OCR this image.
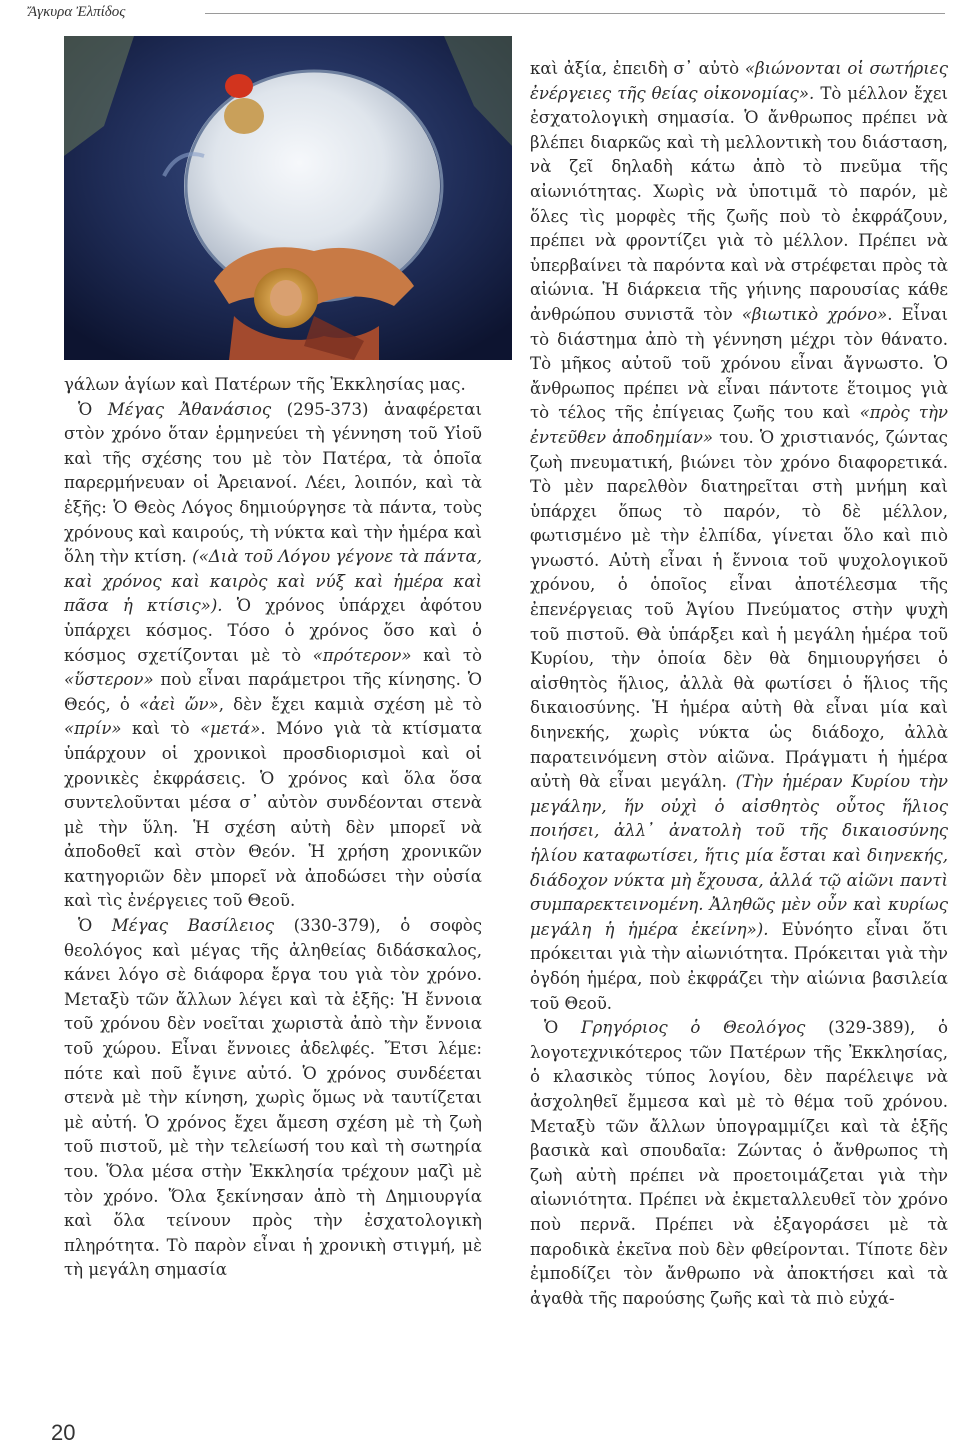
Ἄγκυρα Ἐλπίδος

γάλων ἁγίων καὶ Πατέρων τῆς Ἐκκλησίας μας.

Ὁ Μέγας Ἀθανάσιος (295-373) ἀναφέρεται στὸν χρόνο ὅταν ἑρμηνεύει τὴ γέννηση τοῦ Υἱοῦ καὶ τῆς σχέσης του μὲ τὸν Πατέρα, τὰ ὁποῖα παρερμήνευαν οἱ Ἀρειανοί. Λέει, λοιπόν, καὶ τὰ ἑξῆς: Ὁ Θεὸς Λόγος δημιούργησε τὰ πάντα, τοὺς χρόνους καὶ καιρούς, τὴ νύκτα καὶ τὴν ἡμέρα καὶ ὅλη τὴν κτίση. («Διὰ τοῦ Λόγου γέγονε τὰ πάντα, καὶ χρόνος καὶ καιρὸς καὶ νύξ καὶ ἡμέρα καὶ πᾶσα ἡ κτίσις»). Ὁ χρόνος ὑπάρχει ἀφότου ὑπάρχει κόσμος. Τόσο ὁ χρόνος ὅσο καὶ ὁ κόσμος σχετίζονται μὲ τὸ «πρότερον» καὶ τὸ «ὕστερον» ποὺ εἶναι παράμετροι τῆς κίνησης. Ὁ Θεός, ὁ «ἀεὶ ὤν», δὲν ἔχει καμιὰ σχέση μὲ τὸ «πρίν» καὶ τὸ «μετά». Μόνο γιὰ τὰ κτίσματα ὑπάρχουν οἱ χρονικοὶ προσδιορισμοὶ καὶ οἱ χρονικὲς ἐκφράσεις. Ὁ χρόνος καὶ ὅλα ὅσα συντελοῦνται μέσα σ᾽ αὐτὸν συνδέονται στενὰ μὲ τὴν ὕλη. Ἡ σχέση αὐτὴ δὲν μπορεῖ νὰ ἀποδοθεῖ καὶ στὸν Θεόν. Ἡ χρήση χρονικῶν κατηγοριῶν δὲν μπορεῖ νὰ ἀποδώσει τὴν οὐσία καὶ τὶς ἐνέργειες τοῦ Θεοῦ.

Ὁ Μέγας Βασίλειος (330-379), ὁ σοφὸς θεολόγος καὶ μέγας τῆς ἀληθείας διδάσκαλος, κάνει λόγο σὲ διάφορα ἔργα του γιὰ τὸν χρόνο. Μεταξὺ τῶν ἄλλων λέγει καὶ τὰ ἑξῆς: Ἡ ἔννοια τοῦ χρόνου δὲν νοεῖται χωριστὰ ἀπὸ τὴν ἔννοια τοῦ χώρου. Εἶναι ἔννοιες ἀδελφές. Ἔτσι λέμε: πότε καὶ ποῦ ἔγινε αὐτό. Ὁ χρόνος συνδέεται στενὰ μὲ τὴν κίνηση, χωρὶς ὅμως νὰ ταυτίζεται μὲ αὐτή. Ὁ χρόνος ἔχει ἄμεση σχέση μὲ τὴ ζωὴ τοῦ πιστοῦ, μὲ τὴν τελείωσή του καὶ τὴ σωτηρία του. Ὅλα μέσα στὴν Ἐκκλησία τρέχουν μαζὶ μὲ τὸν χρόνο. Ὅλα ξεκίνησαν ἀπὸ τὴ Δημιουργία καὶ ὅλα τείνουν πρὸς τὴν ἐσχατολογικὴ πληρότητα. Τὸ παρὸν εἶναι ἡ χρονικὴ στιγμή, μὲ τὴ μεγάλη σημασία

καὶ ἀξία, ἐπειδὴ σ᾽ αὐτὸ «βιώνονται οἱ σωτήριες ἐνέργειες τῆς θείας οἰκονομίας». Τὸ μέλλον ἔχει ἐσχατολογικὴ σημασία. Ὁ ἄνθρωπος πρέπει νὰ βλέπει διαρκῶς καὶ τὴ μελλοντικὴ του διάσταση, νὰ ζεῖ δηλαδὴ κάτω ἀπὸ τὸ πνεῦμα τῆς αἰωνιότητας. Χωρὶς νὰ ὑποτιμᾶ τὸ παρόν, μὲ ὅλες τὶς μορφὲς τῆς ζωῆς ποὺ τὸ ἐκφράζουν, πρέπει νὰ φροντίζει γιὰ τὸ μέλλον. Πρέπει νὰ ὑπερβαίνει τὰ παρόντα καὶ νὰ στρέφεται πρὸς τὰ αἰώνια. Ἡ διάρκεια τῆς γήινης παρουσίας κάθε ἀνθρώπου συνιστᾶ τὸν «βιωτικὸ χρόνο». Εἶναι τὸ διάστημα ἀπὸ τὴ γέννηση μέχρι τὸν θάνατο. Τὸ μῆκος αὐτοῦ τοῦ χρόνου εἶναι ἄγνωστο. Ὁ ἄνθρωπος πρέπει νὰ εἶναι πάντοτε ἕτοιμος γιὰ τὸ τέλος τῆς ἐπίγειας ζωῆς του καὶ «πρὸς τὴν ἐντεῦθεν ἀποδημίαν» του. Ὁ χριστιανός, ζώντας ζωὴ πνευματική, βιώνει τὸν χρόνο διαφορετικά. Τὸ μὲν παρελθὸν διατηρεῖται στὴ μνήμη καὶ ὑπάρχει ὅπως τὸ παρόν, τὸ δὲ μέλλον, φωτισμένο μὲ τὴν ἐλπίδα, γίνεται ὅλο καὶ πιὸ γνωστό. Αὐτὴ εἶναι ἡ ἔννοια τοῦ ψυχολογικοῦ χρόνου, ὁ ὁποῖος εἶναι ἀποτέλεσμα τῆς ἐπενέργειας τοῦ Ἁγίου Πνεύματος στὴν ψυχὴ τοῦ πιστοῦ. Θὰ ὑπάρξει καὶ ἡ μεγάλη ἡμέρα τοῦ Κυρίου, τὴν ὁποία δὲν θὰ δημιουργήσει ὁ αἰσθητὸς ἥλιος, ἀλλὰ θὰ φωτίσει ὁ ἥλιος τῆς δικαιοσύνης. Ἡ ἡμέρα αὐτὴ θὰ εἶναι μία καὶ διηνεκής, χωρὶς νύκτα ὡς διάδοχο, ἀλλὰ παρατεινόμενη στὸν αἰῶνα. Πράγματι ἡ ἡμέρα αὐτὴ θὰ εἶναι μεγάλη. (Τὴν ἡμέραν Κυρίου τὴν μεγάλην, ἥν οὐχὶ ὁ αἰσθητὸς οὗτος ἥλιος ποιήσει, ἀλλ᾽ ἀνατολὴ τοῦ τῆς δικαιοσύνης ἡλίου καταφωτίσει, ἥτις μία ἔσται καὶ διηνεκής, διάδοχον νύκτα μὴ ἔχουσα, ἀλλά τῷ αἰῶνι παντὶ συμπαρεκτεινομένη. Ἀληθῶς μὲν οὖν καὶ κυρίως μεγάλη ἡ ἡμέρα ἐκείνη»). Εὐνόητο εἶναι ὅτι πρόκειται γιὰ τὴν αἰωνιότητα. Πρόκειται γιὰ τὴν ὀγδόη ἡμέρα, ποὺ ἐκφράζει τὴν αἰώνια βασιλεία τοῦ Θεοῦ.

Ὁ Γρηγόριος ὁ Θεολόγος (329-389), ὁ λογοτεχνικότερος τῶν Πατέρων τῆς Ἐκκλησίας, ὁ κλασικὸς τύπος λογίου, δὲν παρέλειψε νὰ ἀσχοληθεῖ ἔμμεσα καὶ μὲ τὸ θέμα τοῦ χρόνου. Μεταξὺ τῶν ἄλλων ὑπογραμμίζει καὶ τὰ ἑξῆς βασικὰ καὶ σπουδαῖα: Ζώντας ὁ ἄνθρωπος τὴ ζωὴ αὐτὴ πρέπει νὰ προετοιμάζεται γιὰ τὴν αἰωνιότητα. Πρέπει νὰ ἐκμεταλλευθεῖ τὸν χρόνο ποὺ περνᾶ. Πρέπει νὰ ἐξαγοράσει μὲ τὰ παροδικὰ ἐκεῖνα ποὺ δὲν φθείρονται. Τίποτε δὲν ἐμποδίζει τὸν ἄνθρωπο νὰ ἀποκτήσει καὶ τὰ ἀγαθὰ τῆς παρούσης ζωῆς καὶ τὰ πιὸ εὐχά-

20
